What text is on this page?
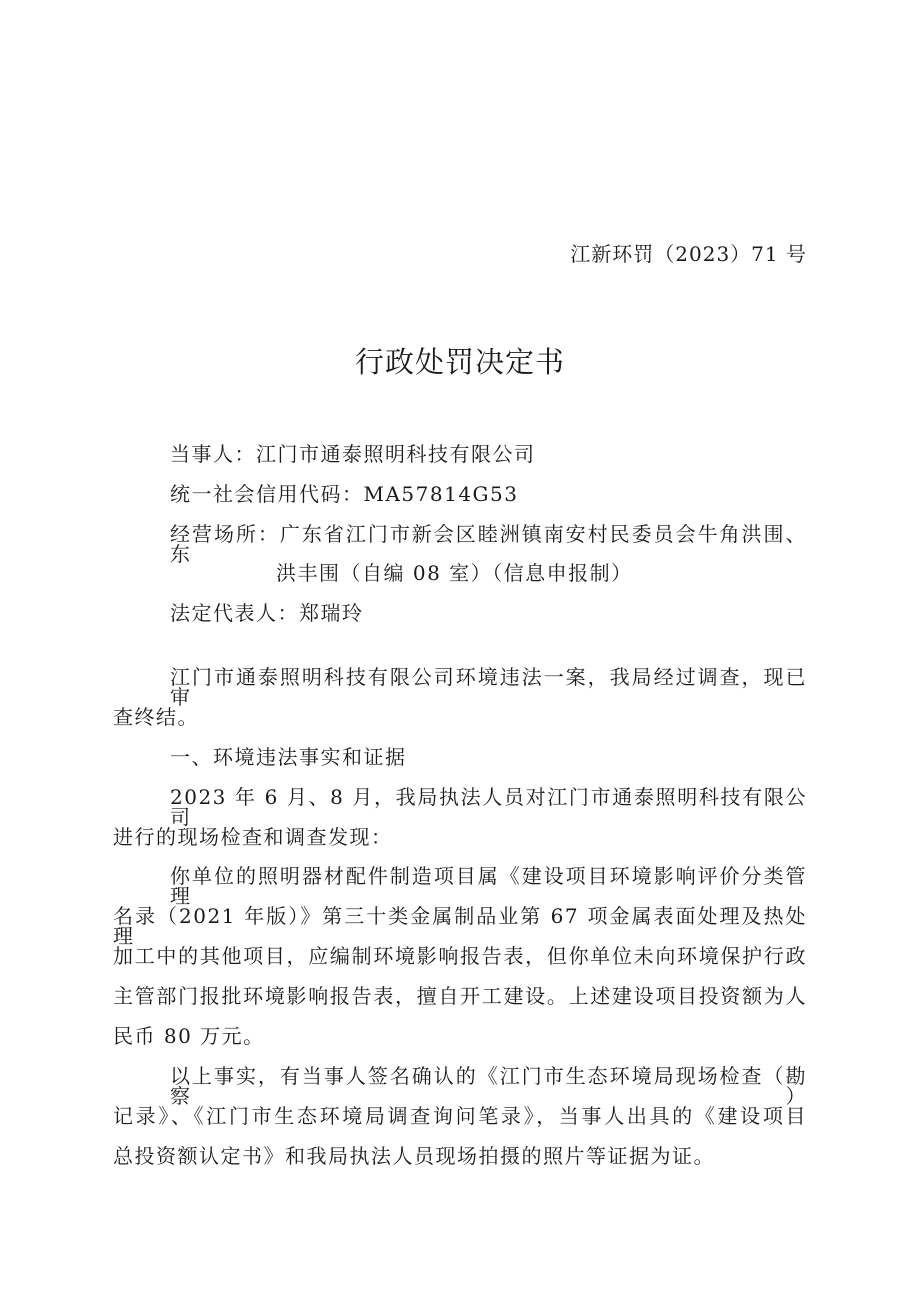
江新环罚（2023）71 号
行政处罚决定书
当事人：江门市通泰照明科技有限公司
统一社会信用代码：MA57814G53
经营场所：广东省江门市新会区睦洲镇南安村民委员会牛角洪围、东
洪丰围（自编 08 室）（信息申报制）
法定代表人：郑瑞玲
江门市通泰照明科技有限公司环境违法一案，我局经过调查，现已审
查终结。
一、环境违法事实和证据
2023 年 6 月、8 月，我局执法人员对江门市通泰照明科技有限公司
进行的现场检查和调查发现：
你单位的照明器材配件制造项目属《建设项目环境影响评价分类管理
名录（2021 年版）》第三十类金属制品业第 67 项金属表面处理及热处理
加工中的其他项目，应编制环境影响报告表，但你单位未向环境保护行政
主管部门报批环境影响报告表，擅自开工建设。上述建设项目投资额为人
民币 80 万元。
以上事实，有当事人签名确认的《江门市生态环境局现场检查（勘察）
记录》、《江门市生态环境局调查询问笔录》，当事人出具的《建设项目
总投资额认定书》和我局执法人员现场拍摄的照片等证据为证。
